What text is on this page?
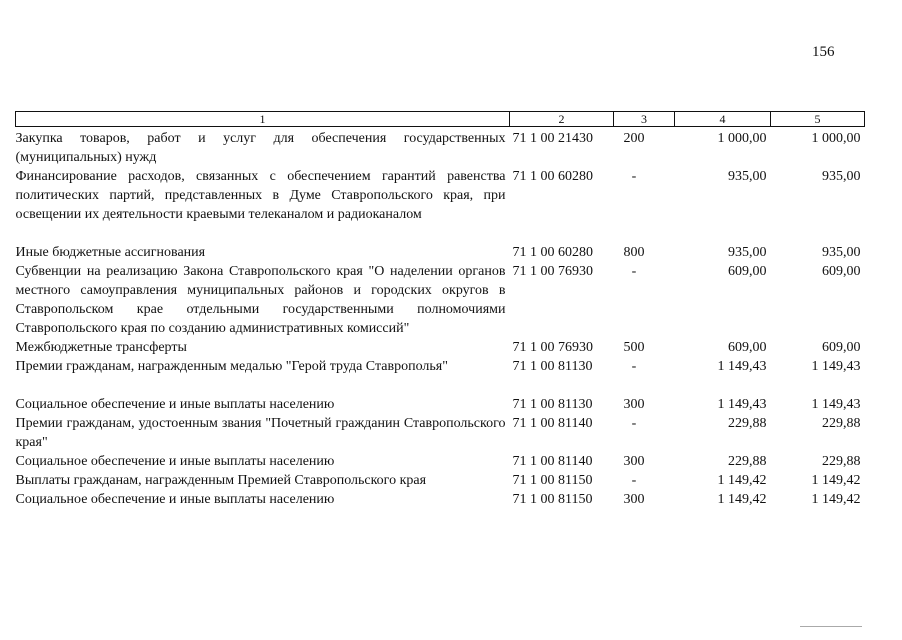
156
1	2	3	4	5
Закупка товаров, работ и услуг для обеспечения государственных (муниципальных) нужд	71 1 00 21430	200	1 000,00	1 000,00
Финансирование расходов, связанных с обеспечением гарантий равенства политических партий, представленных в Думе Ставропольского края, при освещении их деятельности краевыми телеканалом и радиоканалом	71 1 00 60280	-	935,00	935,00

Иные бюджетные ассигнования	71 1 00 60280	800	935,00	935,00
Субвенции на реализацию Закона Ставропольского края "О наделении органов местного самоуправления муниципальных районов и городских округов в Ставропольском крае отдельными государственными полномочиями Ставропольского края по созданию административных комиссий"	71 1 00 76930	-	609,00	609,00
Межбюджетные трансферты	71 1 00 76930	500	609,00	609,00
Премии гражданам, награжденным медалью "Герой труда Ставрополья"	71 1 00 81130	-	1 149,43	1 149,43

Социальное обеспечение и иные выплаты населению	71 1 00 81130	300	1 149,43	1 149,43
Премии гражданам, удостоенным звания "Почетный гражданин Ставропольского края"	71 1 00 81140	-	229,88	229,88
Социальное обеспечение и иные выплаты населению	71 1 00 81140	300	229,88	229,88
Выплаты гражданам, награжденным Премией Ставропольского края	71 1 00 81150	-	1 149,42	1 149,42
Социальное обеспечение и иные выплаты населению	71 1 00 81150	300	1 149,42	1 149,42
